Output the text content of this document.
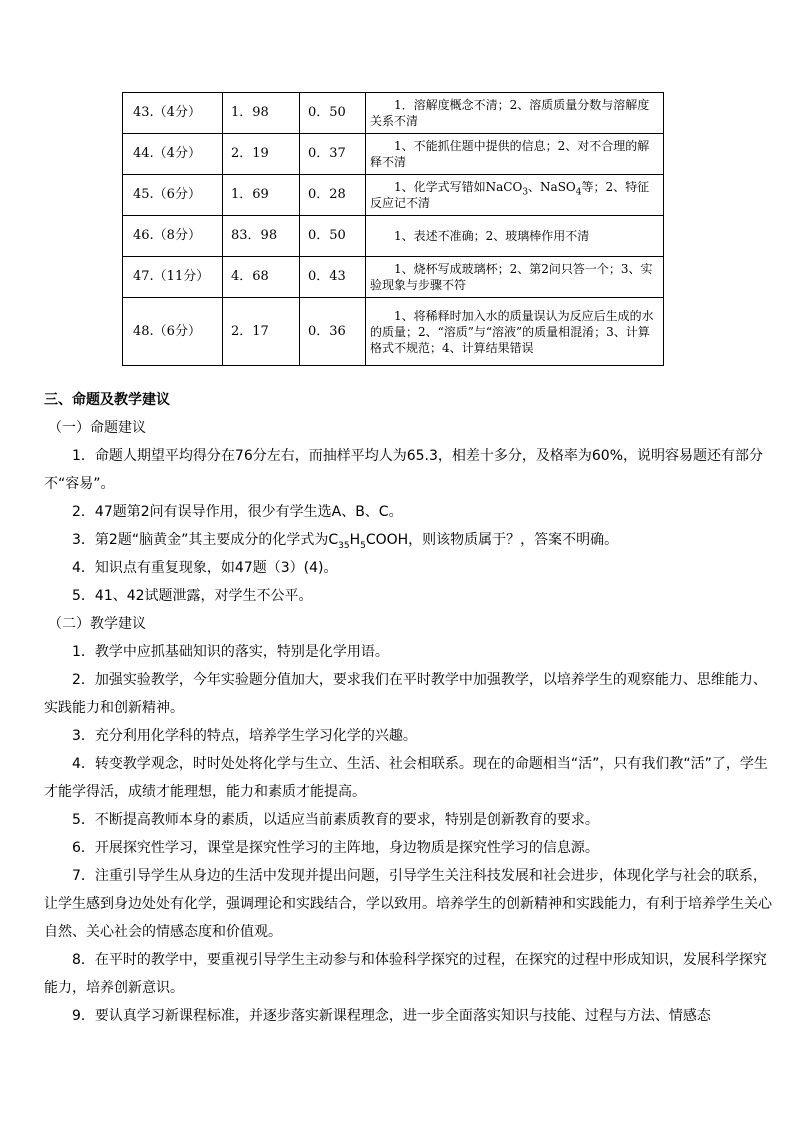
43.（4分）	1．98	0．50	1．溶解度概念不清；2、溶质质量分数与溶解度关系不清
44.（4分）	2．19	0．37	1、不能抓住题中提供的信息；2、对不合理的解释不清
45.（6分）	1．69	0．28	1、化学式写错如NaCO$_3$、NaSO$_4$等；2、特征反应记不清
46.（8分）	83．98	0．50	1、表述不准确；2、玻璃棒作用不清
47.（11分）	4．68	0．43	1、烧杯写成玻璃杯；2、第2问只答一个；3、实验现象与步骤不符
48.（6分）	2．17	0．36	1、将稀释时加入水的质量误认为反应后生成的水的质量；2、“溶质”与“溶液”的质量相混淆；3、计算格式不规范；4、计算结果错误

三、命题及教学建议

（一）命题建议

1．命题人期望平均得分在76分左右，而抽样平均人为65.3，相差十多分，及格率为60%，说明容易题还有部分不“容易”。

2．47题第2问有误导作用，很少有学生选A、B、C。

3．第2题“脑黄金”其主要成分的化学式为$C_{35}H_5COOH$，则该物质属于？，答案不明确。

4．知识点有重复现象，如47题（3）(4)。

5．41、42试题泄露，对学生不公平。

（二）教学建议

1．教学中应抓基础知识的落实，特别是化学用语。

2．加强实验教学，今年实验题分值加大，要求我们在平时教学中加强教学，以培养学生的观察能力、思维能力、实践能力和创新精神。

3．充分利用化学科的特点，培养学生学习化学的兴趣。

4．转变教学观念，时时处处将化学与生立、生活、社会相联系。现在的命题相当“活”，只有我们教“活”了，学生才能学得活，成绩才能理想，能力和素质才能提高。

5．不断提高教师本身的素质，以适应当前素质教育的要求，特别是创新教育的要求。

6．开展探究性学习，课堂是探究性学习的主阵地，身边物质是探究性学习的信息源。

7．注重引导学生从身边的生活中发现并提出问题，引导学生关注科技发展和社会进步，体现化学与社会的联系，让学生感到身边处处有化学，强调理论和实践结合，学以致用。培养学生的创新精神和实践能力，有利于培养学生关心自然、关心社会的情感态度和价值观。

8．在平时的教学中，要重视引导学生主动参与和体验科学探究的过程，在探究的过程中形成知识，发展科学探究能力，培养创新意识。

9．要认真学习新课程标准，并逐步落实新课程理念，进一步全面落实知识与技能、过程与方法、情感态
